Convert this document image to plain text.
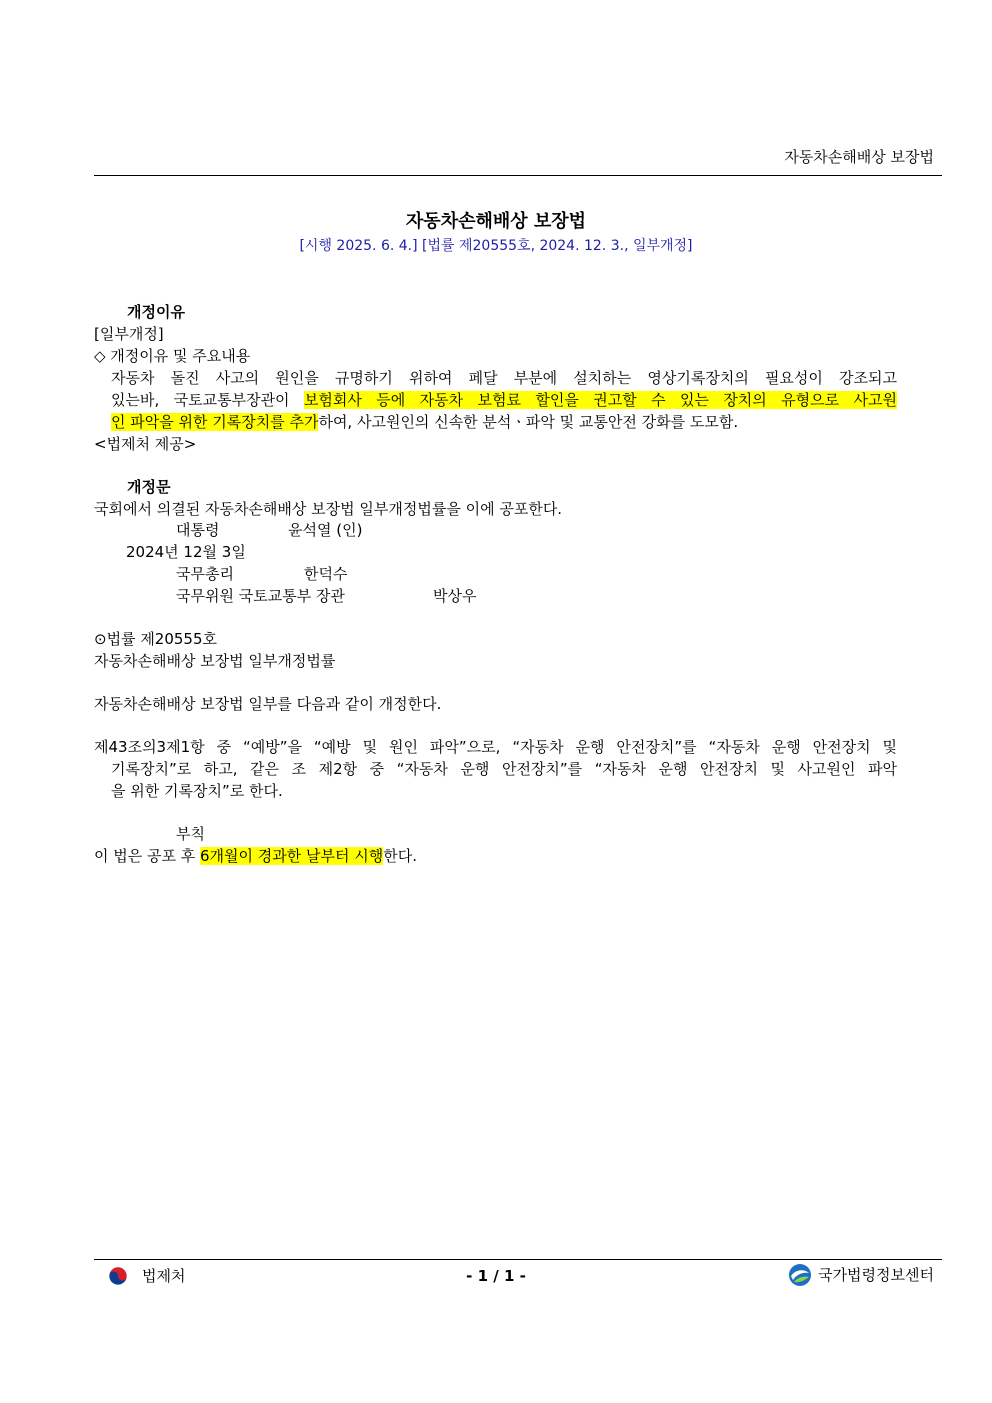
자동차손해배상 보장법
자동차손해배상 보장법
[시행 2025. 6. 4.] [법률 제20555호, 2024. 12. 3., 일부개정]
개정이유
[일부개정]
◇ 개정이유 및 주요내용
자동차 돌진 사고의 원인을 규명하기 위하여 페달 부분에 설치하는 영상기록장치의 필요성이 강조되고
있는바, 국토교통부장관이 보험회사 등에 자동차 보험료 할인을 권고할 수 있는 장치의 유형으로 사고원
인 파악을 위한 기록장치를 추가하여, 사고원인의 신속한 분석ㆍ파악 및 교통안전 강화를 도모함.
<법제처 제공>
개정문
국회에서 의결된 자동차손해배상 보장법 일부개정법률을 이에 공포한다.
대통령	윤석열 (인)
2024년 12월 3일
국무총리	한덕수
국무위원 국토교통부 장관	박상우
⊙법률 제20555호
자동차손해배상 보장법 일부개정법률
자동차손해배상 보장법 일부를 다음과 같이 개정한다.
제43조의3제1항 중 “예방”을 “예방 및 원인 파악”으로, “자동차 운행 안전장치”를 “자동차 운행 안전장치 및
기록장치”로 하고, 같은 조 제2항 중 “자동차 운행 안전장치”를 “자동차 운행 안전장치 및 사고원인 파악
을 위한 기록장치”로 한다.
부칙
이 법은 공포 후 6개월이 경과한 날부터 시행한다.
법제처	- 1 / 1 -	국가법령정보센터
